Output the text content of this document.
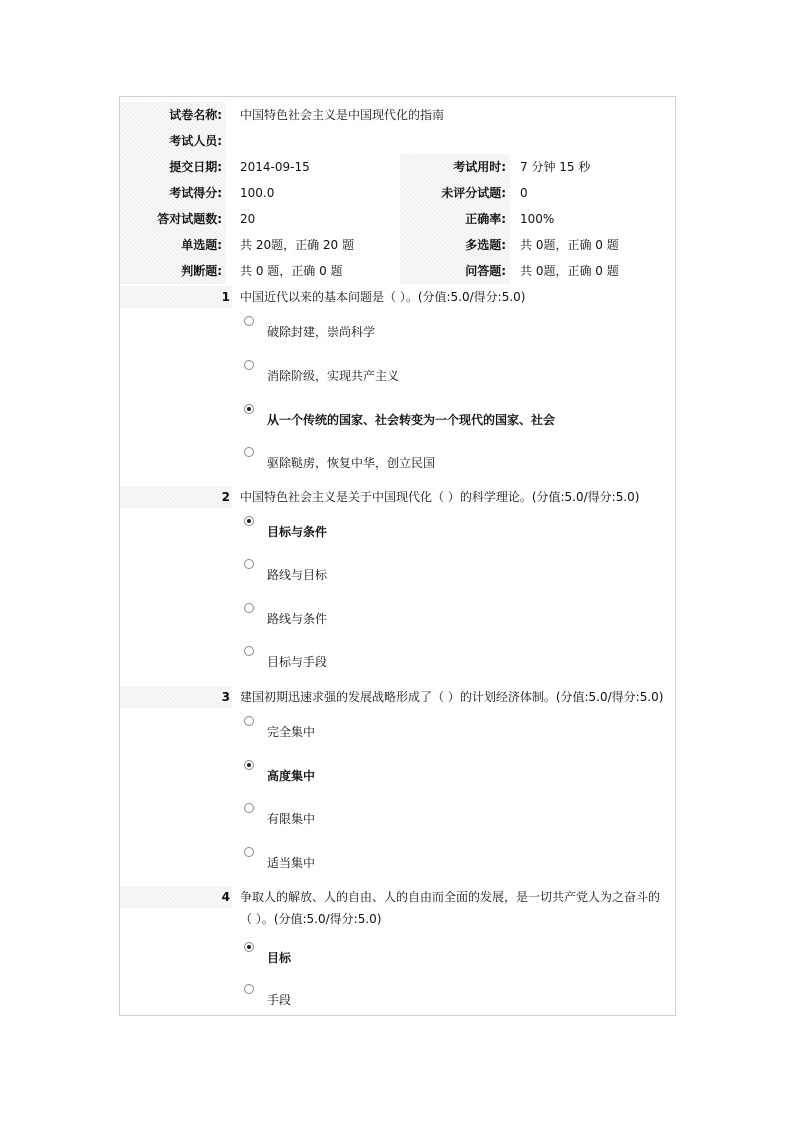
试卷名称:	中国特色社会主义是中国现代化的指南
考试人员:
提交日期:	2014-09-15	考试用时:	7 分钟 15 秒
考试得分:	100.0	未评分试题:	0
答对试题数:	20	正确率:	100%
单选题:	共 20题，正确 20 题	多选题:	共 0题，正确 0 题
判断题:	共 0 题，正确 0 题	问答题:	共 0题，正确 0 题
1 中国近代以来的基本问题是（ ）。(分值:5.0/得分:5.0)
破除封建，崇尚科学
消除阶级，实现共产主义
从一个传统的国家、社会转变为一个现代的国家、社会
驱除鞑虏，恢复中华，创立民国
2 中国特色社会主义是关于中国现代化（ ）的科学理论。(分值:5.0/得分:5.0)
目标与条件
路线与目标
路线与条件
目标与手段
3 建国初期迅速求强的发展战略形成了（ ）的计划经济体制。(分值:5.0/得分:5.0)
完全集中
高度集中
有限集中
适当集中
4 争取人的解放、人的自由、人的自由而全面的发展，是一切共产党人为之奋斗的
（ ）。(分值:5.0/得分:5.0)
目标
手段
